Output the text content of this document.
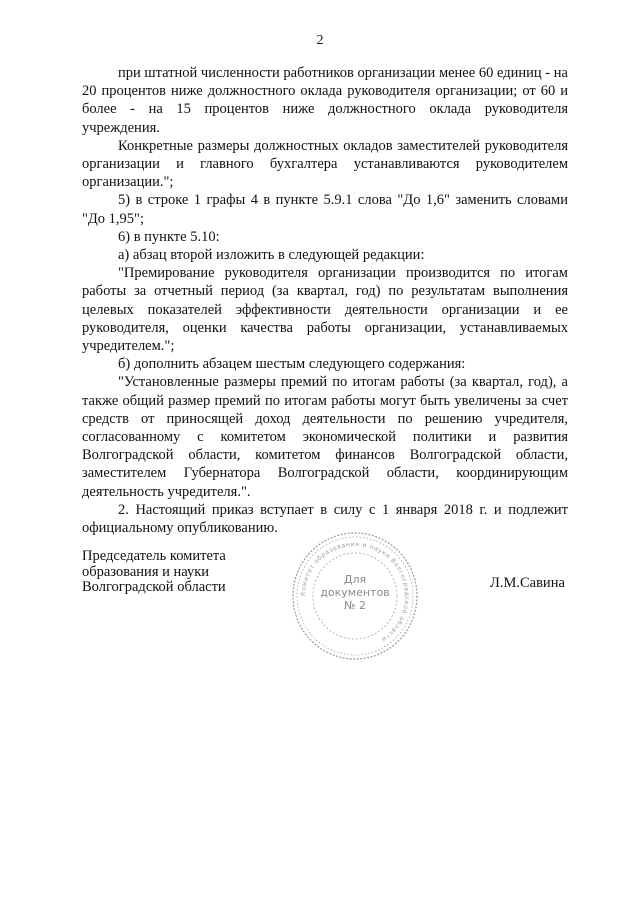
2

при штатной численности работников организации менее 60 единиц - на 20 процентов ниже должностного оклада руководителя организации; от 60 и более - на 15 процентов ниже должностного оклада руководителя учреждения.

Конкретные размеры должностных окладов заместителей руководителя организации и главного бухгалтера устанавливаются руководителем организации.";

5) в строке 1 графы 4 в пункте 5.9.1 слова "До 1,6" заменить словами "До 1,95";

6) в пункте 5.10:

а) абзац второй изложить в следующей редакции:

"Премирование руководителя организации производится по итогам работы за отчетный период (за квартал, год) по результатам выполнения целевых показателей эффективности деятельности организации и ее руководителя, оценки качества работы организации, устанавливаемых учредителем.";

б) дополнить абзацем шестым следующего содержания:

"Установленные размеры премий по итогам работы (за квартал, год), а также общий размер премий по итогам работы могут быть увеличены за счет средств от приносящей доход деятельности по решению учредителя, согласованному с комитетом экономической политики и развития Волгоградской области, комитетом финансов Волгоградской области, заместителем Губернатора Волгоградской области, координирующим деятельность учредителя.".

2. Настоящий приказ вступает в силу с 1 января 2018 г. и подлежит официальному опубликованию.

Председатель комитета
образования и науки
Волгоградской области	Комитет образования и науки Волгоградской области
Для
документов
№ 2
Л.М.Савина
